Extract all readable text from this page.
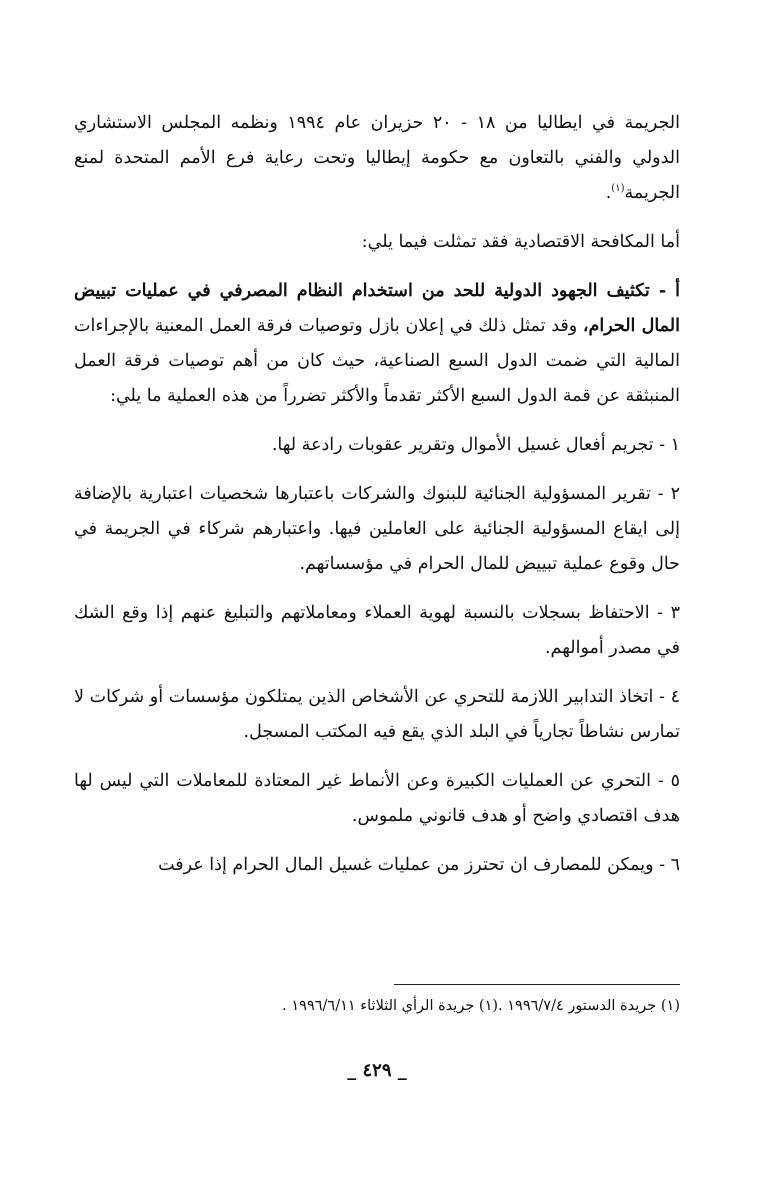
الجريمة في ايطاليا من ١٨ - ٢٠ حزيران عام ١٩٩٤ ونظمه المجلس الاستشاري الدولي والفني بالتعاون مع حكومة إيطاليا وتحت رعاية فرع الأمم المتحدة لمنع الجريمة$^{(١)}$.

أما المكافحة الاقتصادية فقد تمثلت فيما يلي:

أ - تكثيف الجهود الدولية للحد من استخدام النظام المصرفي في عمليات تبييض المال الحرام، وقد تمثل ذلك في إعلان بازل وتوصيات فرقة العمل المعنية بالإجراءات المالية التي ضمت الدول السبع الصناعية، حيث كان من أهم توصيات فرقة العمل المنبثقة عن قمة الدول السبع الأكثر تقدماً والأكثر تضرراً من هذه العملية ما يلي:

١ - تجريم أفعال غسيل الأموال وتقرير عقوبات رادعة لها.

٢ - تقرير المسؤولية الجنائية للبنوك والشركات باعتبارها شخصيات اعتبارية بالإضافة إلى ايقاع المسؤولية الجنائية على العاملين فيها. واعتبارهم شركاء في الجريمة في حال وقوع عملية تبييض للمال الحرام في مؤسساتهم.

٣ - الاحتفاظ بسجلات بالنسبة لهوية العملاء ومعاملاتهم والتبليغ عنهم إذا وقع الشك في مصدر أموالهم.

٤ - اتخاذ التدابير اللازمة للتحري عن الأشخاص الذين يمتلكون مؤسسات أو شركات لا تمارس نشاطاً تجارياً في البلد الذي يقع فيه المكتب المسجل.

٥ - التحري عن العمليات الكبيرة وعن الأنماط غير المعتادة للمعاملات التي ليس لها هدف اقتصادي واضح أو هدف قانوني ملموس.

٦ - ويمكن للمصارف ان تحترز من عمليات غسيل المال الحرام إذا عرفت

(١) جريدة الدستور ١٩٩٦/٧/٤ .(١) جريدة الرأي الثلاثاء ١٩٩٦/٦/١١ .
_ ٤٢٩ _
